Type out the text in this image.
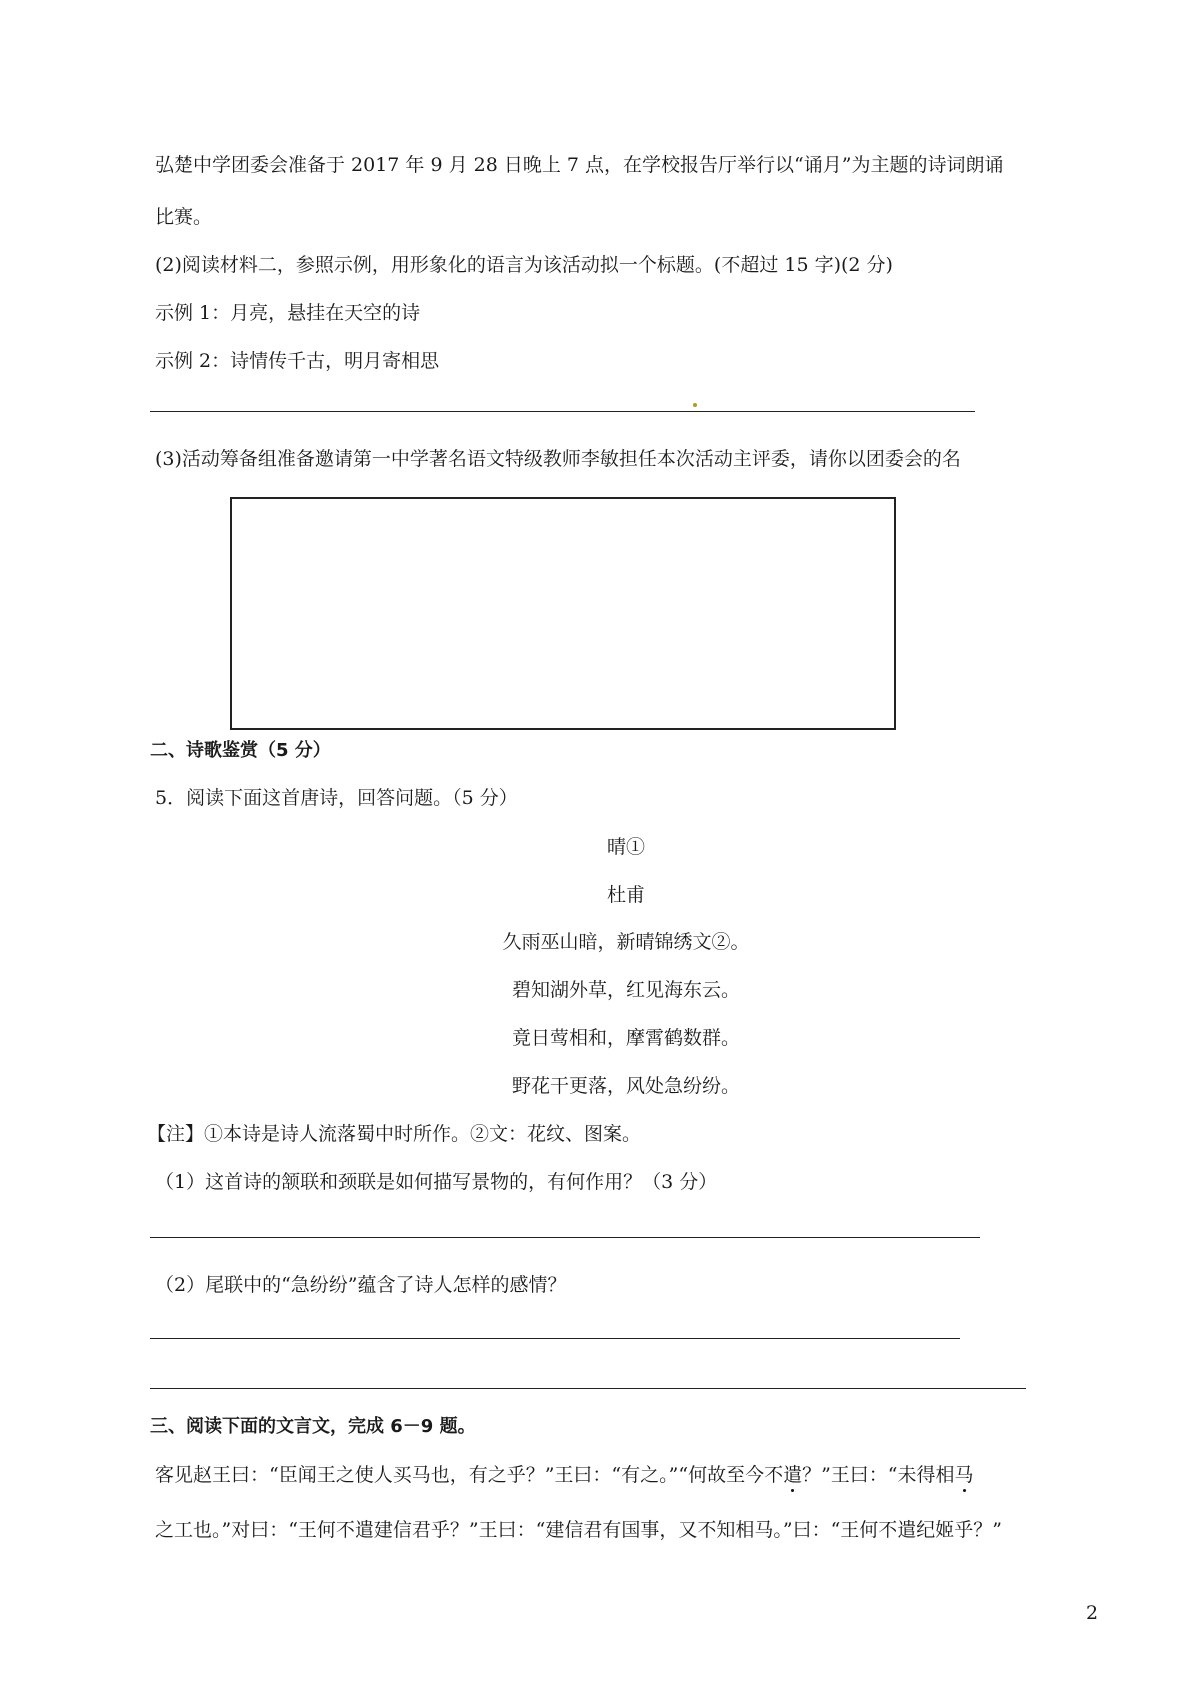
弘楚中学团委会准备于 2017 年 9 月 28 日晚上 7 点，在学校报告厅举行以“诵月”为主题的诗词朗诵
比赛。
(2)阅读材料二，参照示例，用形象化的语言为该活动拟一个标题。(不超过 15 字)(2 分)
示例 1：月亮，悬挂在天空的诗
示例 2：诗情传千古，明月寄相思
(3)活动筹备组准备邀请第一中学著名语文特级教师李敏担任本次活动主评委，请你以团委会的名
二、诗歌鉴赏（5 分）
5．阅读下面这首唐诗，回答问题。（5 分）
晴①
杜甫
久雨巫山暗，新晴锦绣文②。
碧知湖外草，红见海东云。
竟日莺相和，摩霄鹤数群。
野花干更落，风处急纷纷。
【注】①本诗是诗人流落蜀中时所作。②文：花纹、图案。
（1）这首诗的颔联和颈联是如何描写景物的，有何作用？（3 分）
（2）尾联中的“急纷纷”蕴含了诗人怎样的感情？
三、阅读下面的文言文，完成 6－9 题。
客见赵王曰：“臣闻王之使人买马也，有之乎？”王曰：“有之。”“何故至今不遣？”王曰：“未得相马
之工也。”对曰：“王何不遣建信君乎？”王曰：“建信君有国事，又不知相马。”曰：“王何不遣纪姬乎？”
2
